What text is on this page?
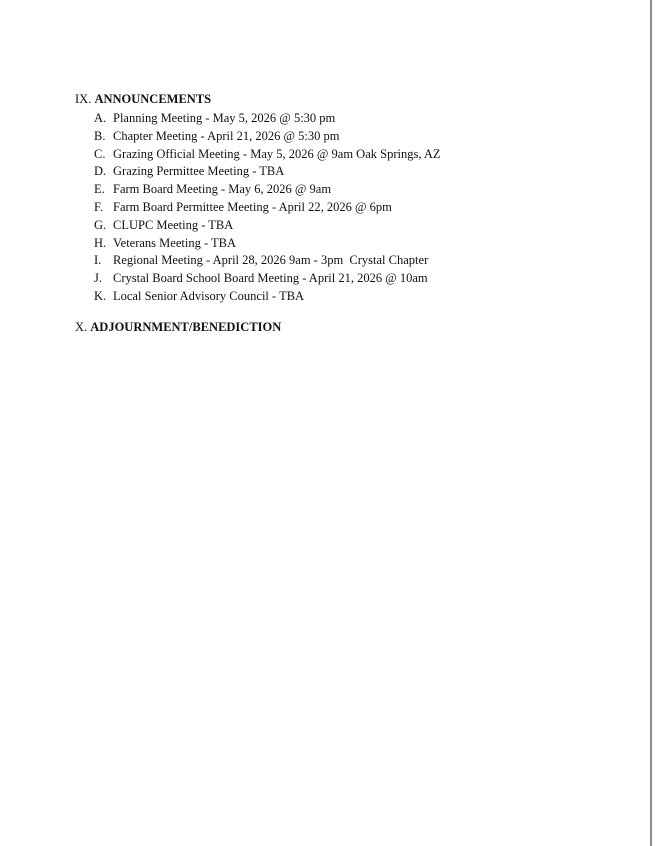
IX. ANNOUNCEMENTS
A. Planning Meeting - May 5, 2026 @ 5:30 pm
B. Chapter Meeting - April 21, 2026 @ 5:30 pm
C. Grazing Official Meeting - May 5, 2026 @ 9am Oak Springs, AZ
D. Grazing Permittee Meeting - TBA
E. Farm Board Meeting - May 6, 2026 @ 9am
F. Farm Board Permittee Meeting - April 22, 2026 @ 6pm
G. CLUPC Meeting - TBA
H. Veterans Meeting - TBA
I. Regional Meeting - April 28, 2026 9am - 3pm  Crystal Chapter
J. Crystal Board School Board Meeting - April 21, 2026 @ 10am
K. Local Senior Advisory Council - TBA
X. ADJOURNMENT/BENEDICTION
